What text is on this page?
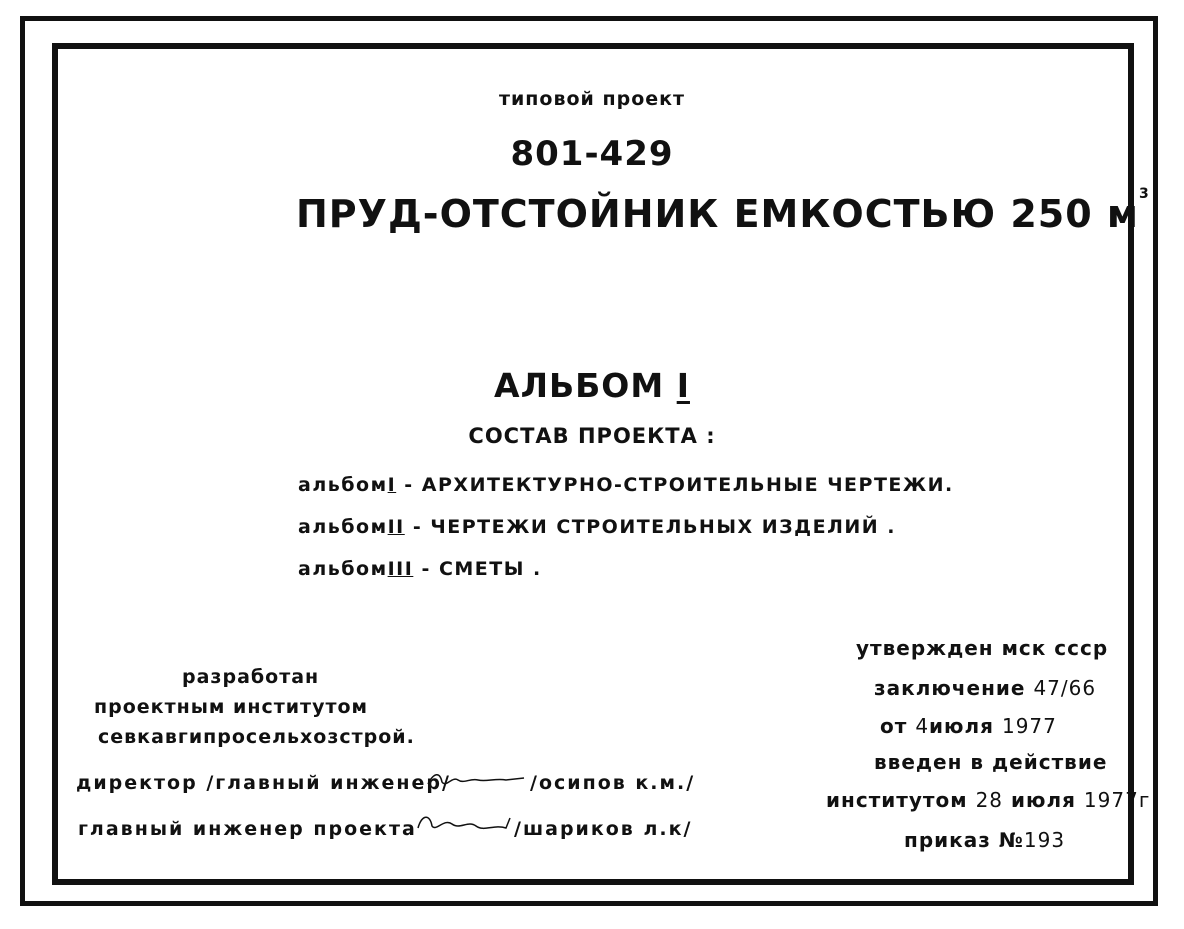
типовой проект
801-429
ПРУД-ОТСТОЙНИК ЕМКОСТЬЮ 250 $м^3$
АЛЬБОМ I
СОСТАВ ПРОЕКТА :
альбомI - АРХИТЕКТУРНО-СТРОИТЕЛЬНЫЕ ЧЕРТЕЖИ.
альбомII - ЧЕРТЕЖИ СТРОИТЕЛЬНЫХ ИЗДЕЛИЙ .
альбомIII - СМЕТЫ .
разработан
проектным институтом
севкавгипросельхозстрой.
директор /главный инженер/	/осипов к.м./
главный инженер проекта	/шариков л.к/
утвержден мск ссср
заключение 47/66
от 4июля 1977
введен в действие
институтом 28 июля 1977г
приказ №193
